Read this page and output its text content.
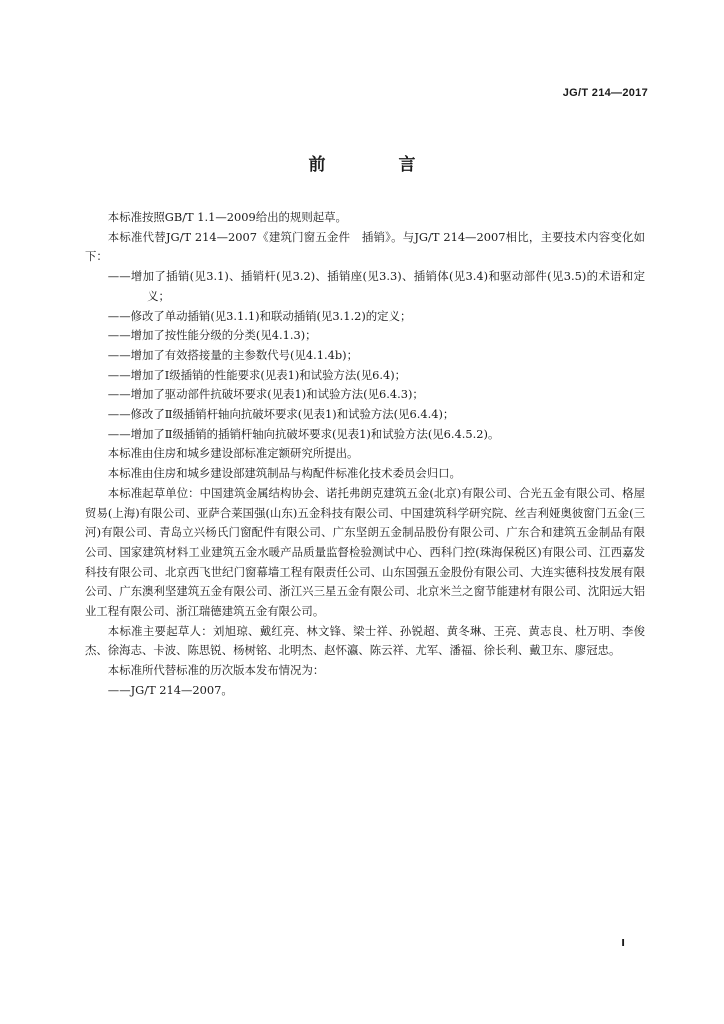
JG/T 214—2017
前　言

本标准按照GB/T 1.1—2009给出的规则起草。

本标准代替JG/T 214—2007《建筑门窗五金件　插销》。与JG/T 214—2007相比，主要技术内容变化如下：

——增加了插销(见3.1)、插销杆(见3.2)、插销座(见3.3)、插销体(见3.4)和驱动部件(见3.5)的术语和定义；

——修改了单动插销(见3.1.1)和联动插销(见3.1.2)的定义；

——增加了按性能分级的分类(见4.1.3)；

——增加了有效搭接量的主参数代号(见4.1.4b)；

——增加了Ⅰ级插销的性能要求(见表1)和试验方法(见6.4)；

——增加了驱动部件抗破坏要求(见表1)和试验方法(见6.4.3)；

——修改了Ⅱ级插销杆轴向抗破坏要求(见表1)和试验方法(见6.4.4)；

——增加了Ⅱ级插销的插销杆轴向抗破坏要求(见表1)和试验方法(见6.4.5.2)。

本标准由住房和城乡建设部标准定额研究所提出。

本标准由住房和城乡建设部建筑制品与构配件标准化技术委员会归口。

本标准起草单位：中国建筑金属结构协会、诺托弗朗克建筑五金(北京)有限公司、合光五金有限公司、格屋贸易(上海)有限公司、亚萨合莱国强(山东)五金科技有限公司、中国建筑科学研究院、丝吉利娅奥彼窗门五金(三河)有限公司、青岛立兴杨氏门窗配件有限公司、广东坚朗五金制品股份有限公司、广东合和建筑五金制品有限公司、国家建筑材料工业建筑五金水暖产品质量监督检验测试中心、西科门控(珠海保税区)有限公司、江西嘉发科技有限公司、北京西飞世纪门窗幕墙工程有限责任公司、山东国强五金股份有限公司、大连实德科技发展有限公司、广东澳利坚建筑五金有限公司、浙江兴三星五金有限公司、北京米兰之窗节能建材有限公司、沈阳远大铝业工程有限公司、浙江瑞德建筑五金有限公司。

本标准主要起草人：刘旭琼、戴红亮、林文锋、梁士祥、孙锐超、黄冬琳、王亮、黄志良、杜万明、李俊杰、徐海志、卡波、陈思锐、杨树铭、北明杰、赵怀瀛、陈云祥、尤军、潘福、徐长利、戴卫东、廖冠忠。

本标准所代替标准的历次版本发布情况为：

——JG/T 214—2007。

I
